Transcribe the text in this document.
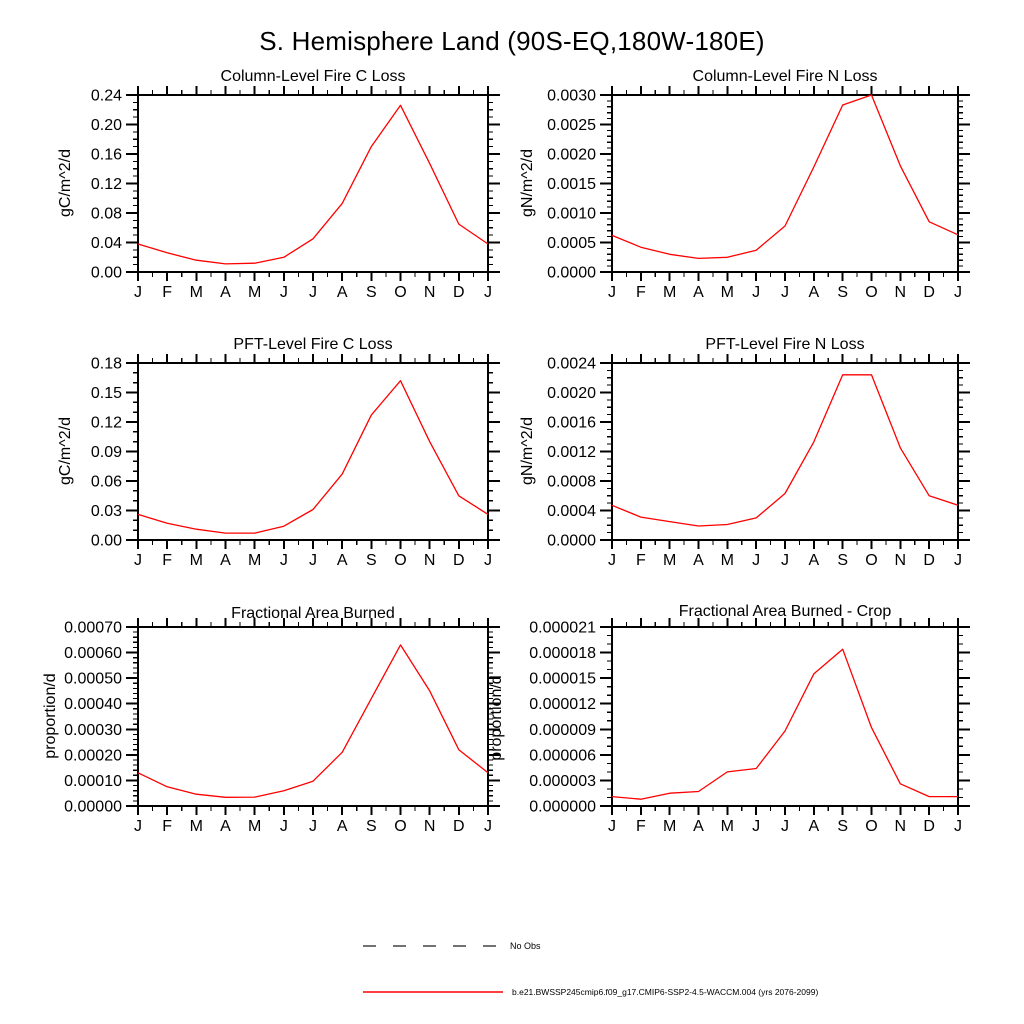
S. Hemisphere Land (90S-EQ,180W-180E)
Column-Level Fire C Loss
gC/m^2/d
0.00
0.04
0.08
0.12
0.16
0.20
0.24
J F M A M J J A S O N D J
Column-Level Fire N Loss
gN/m^2/d
0.0000
0.0005
0.0010
0.0015
0.0020
0.0025
0.0030
J F M A M J J A S O N D J
PFT-Level Fire C Loss
gC/m^2/d
0.00
0.03
0.06
0.09
0.12
0.15
0.18
J F M A M J J A S O N D J
PFT-Level Fire N Loss
gN/m^2/d
0.0000
0.0004
0.0008
0.0012
0.0016
0.0020
0.0024
J F M A M J J A S O N D J
Fractional Area Burned
proportion/d
0.00000
0.00010
0.00020
0.00030
0.00040
0.00050
0.00060
0.00070
J F M A M J J A S O N D J
Fractional Area Burned - Crop
proportion/d
0.000000
0.000003
0.000006
0.000009
0.000012
0.000015
0.000018
0.000021
J F M A M J J A S O N D J
No Obs
b.e21.BWSSP245cmip6.f09_g17.CMIP6-SSP2-4.5-WACCM.004 (yrs 2076-2099)
